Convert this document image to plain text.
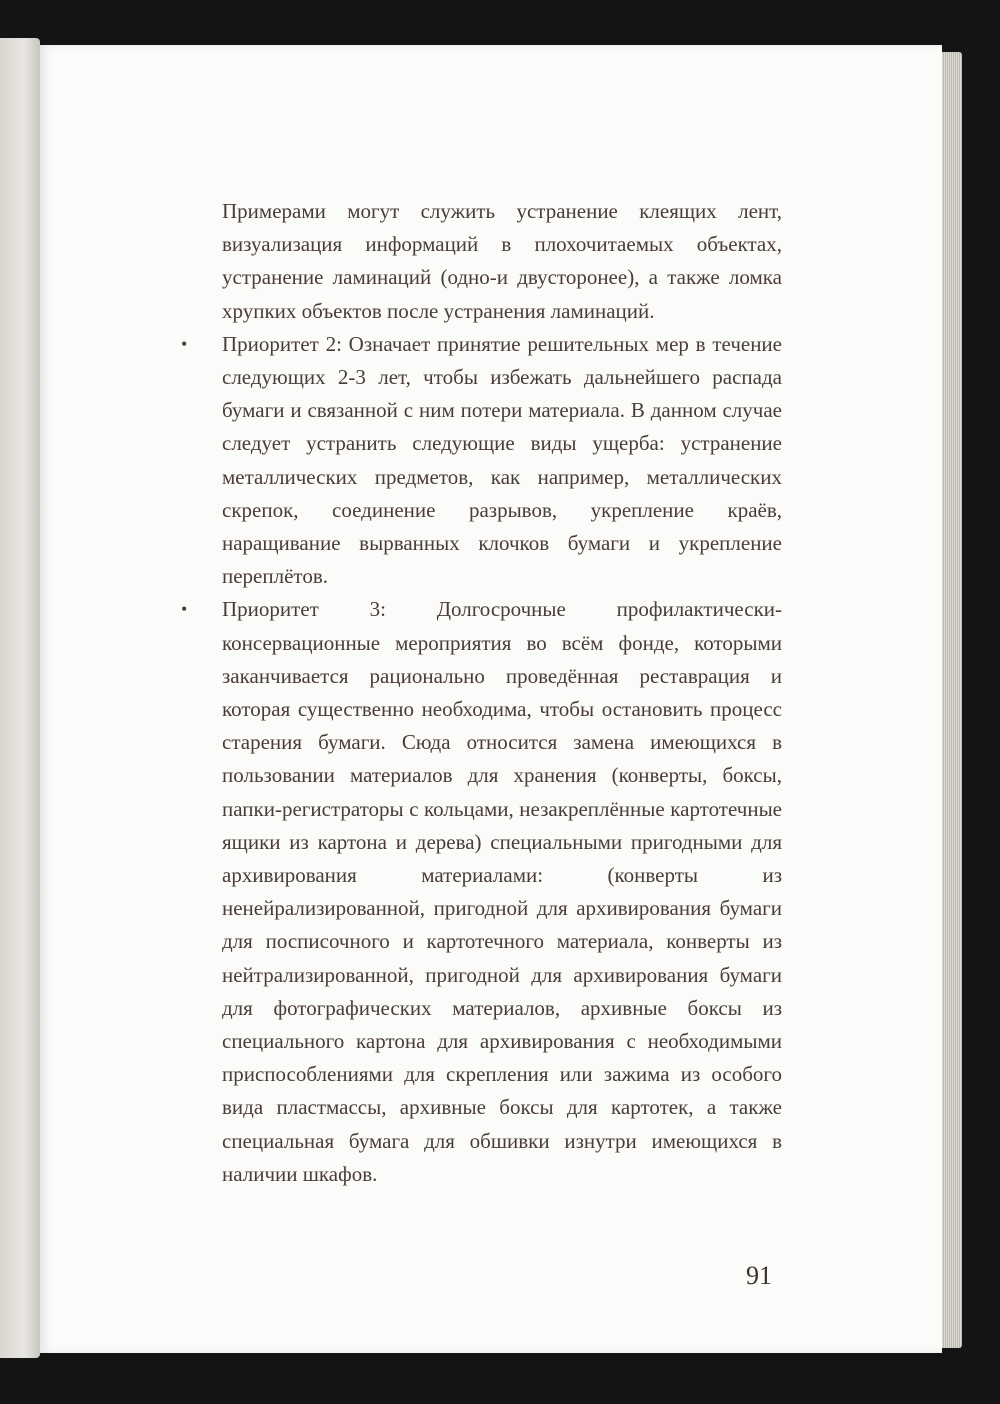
Примерами могут служить устранение клеящих лент, визуализация информаций в плохочитаемых объектах, устранение ламинаций (одно-и двусторонее), а также ломка хрупких объектов после устранения ламинаций.

• Приоритет 2: Означает принятие решительных мер в течение следующих 2-3 лет, чтобы избежать дальнейшего распада бумаги и связанной с ним потери материала. В данном случае следует устранить следующие виды ущерба: устранение металлических предметов, как например, металлических скрепок, соединение разрывов, укрепление краёв, наращивание вырванных клочков бумаги и укрепление переплётов.
• Приоритет 3: Долгосрочные профилактически-консервационные мероприятия во всём фонде, которыми заканчивается рационально проведённая реставрация и которая существенно необходима, чтобы остановить процесс старения бумаги. Сюда относится замена имеющихся в пользовании материалов для хранения (конверты, боксы, папки-регистраторы с кольцами, незакреплённые картотечные ящики из картона и дерева) специальными пригодными для архивирования материалами: (конверты из ненейрализированной, пригодной для архивирования бумаги для посписочного и картотечного материала, конверты из нейтрализированной, пригодной для архивирования бумаги для фотографических материалов, архивные боксы из специального картона для архивирования с необходимыми приспособлениями для скрепления или зажима из особого вида пластмассы, архивные боксы для картотек, а также специальная бумага для обшивки изнутри имеющихся в наличии шкафов.
91
